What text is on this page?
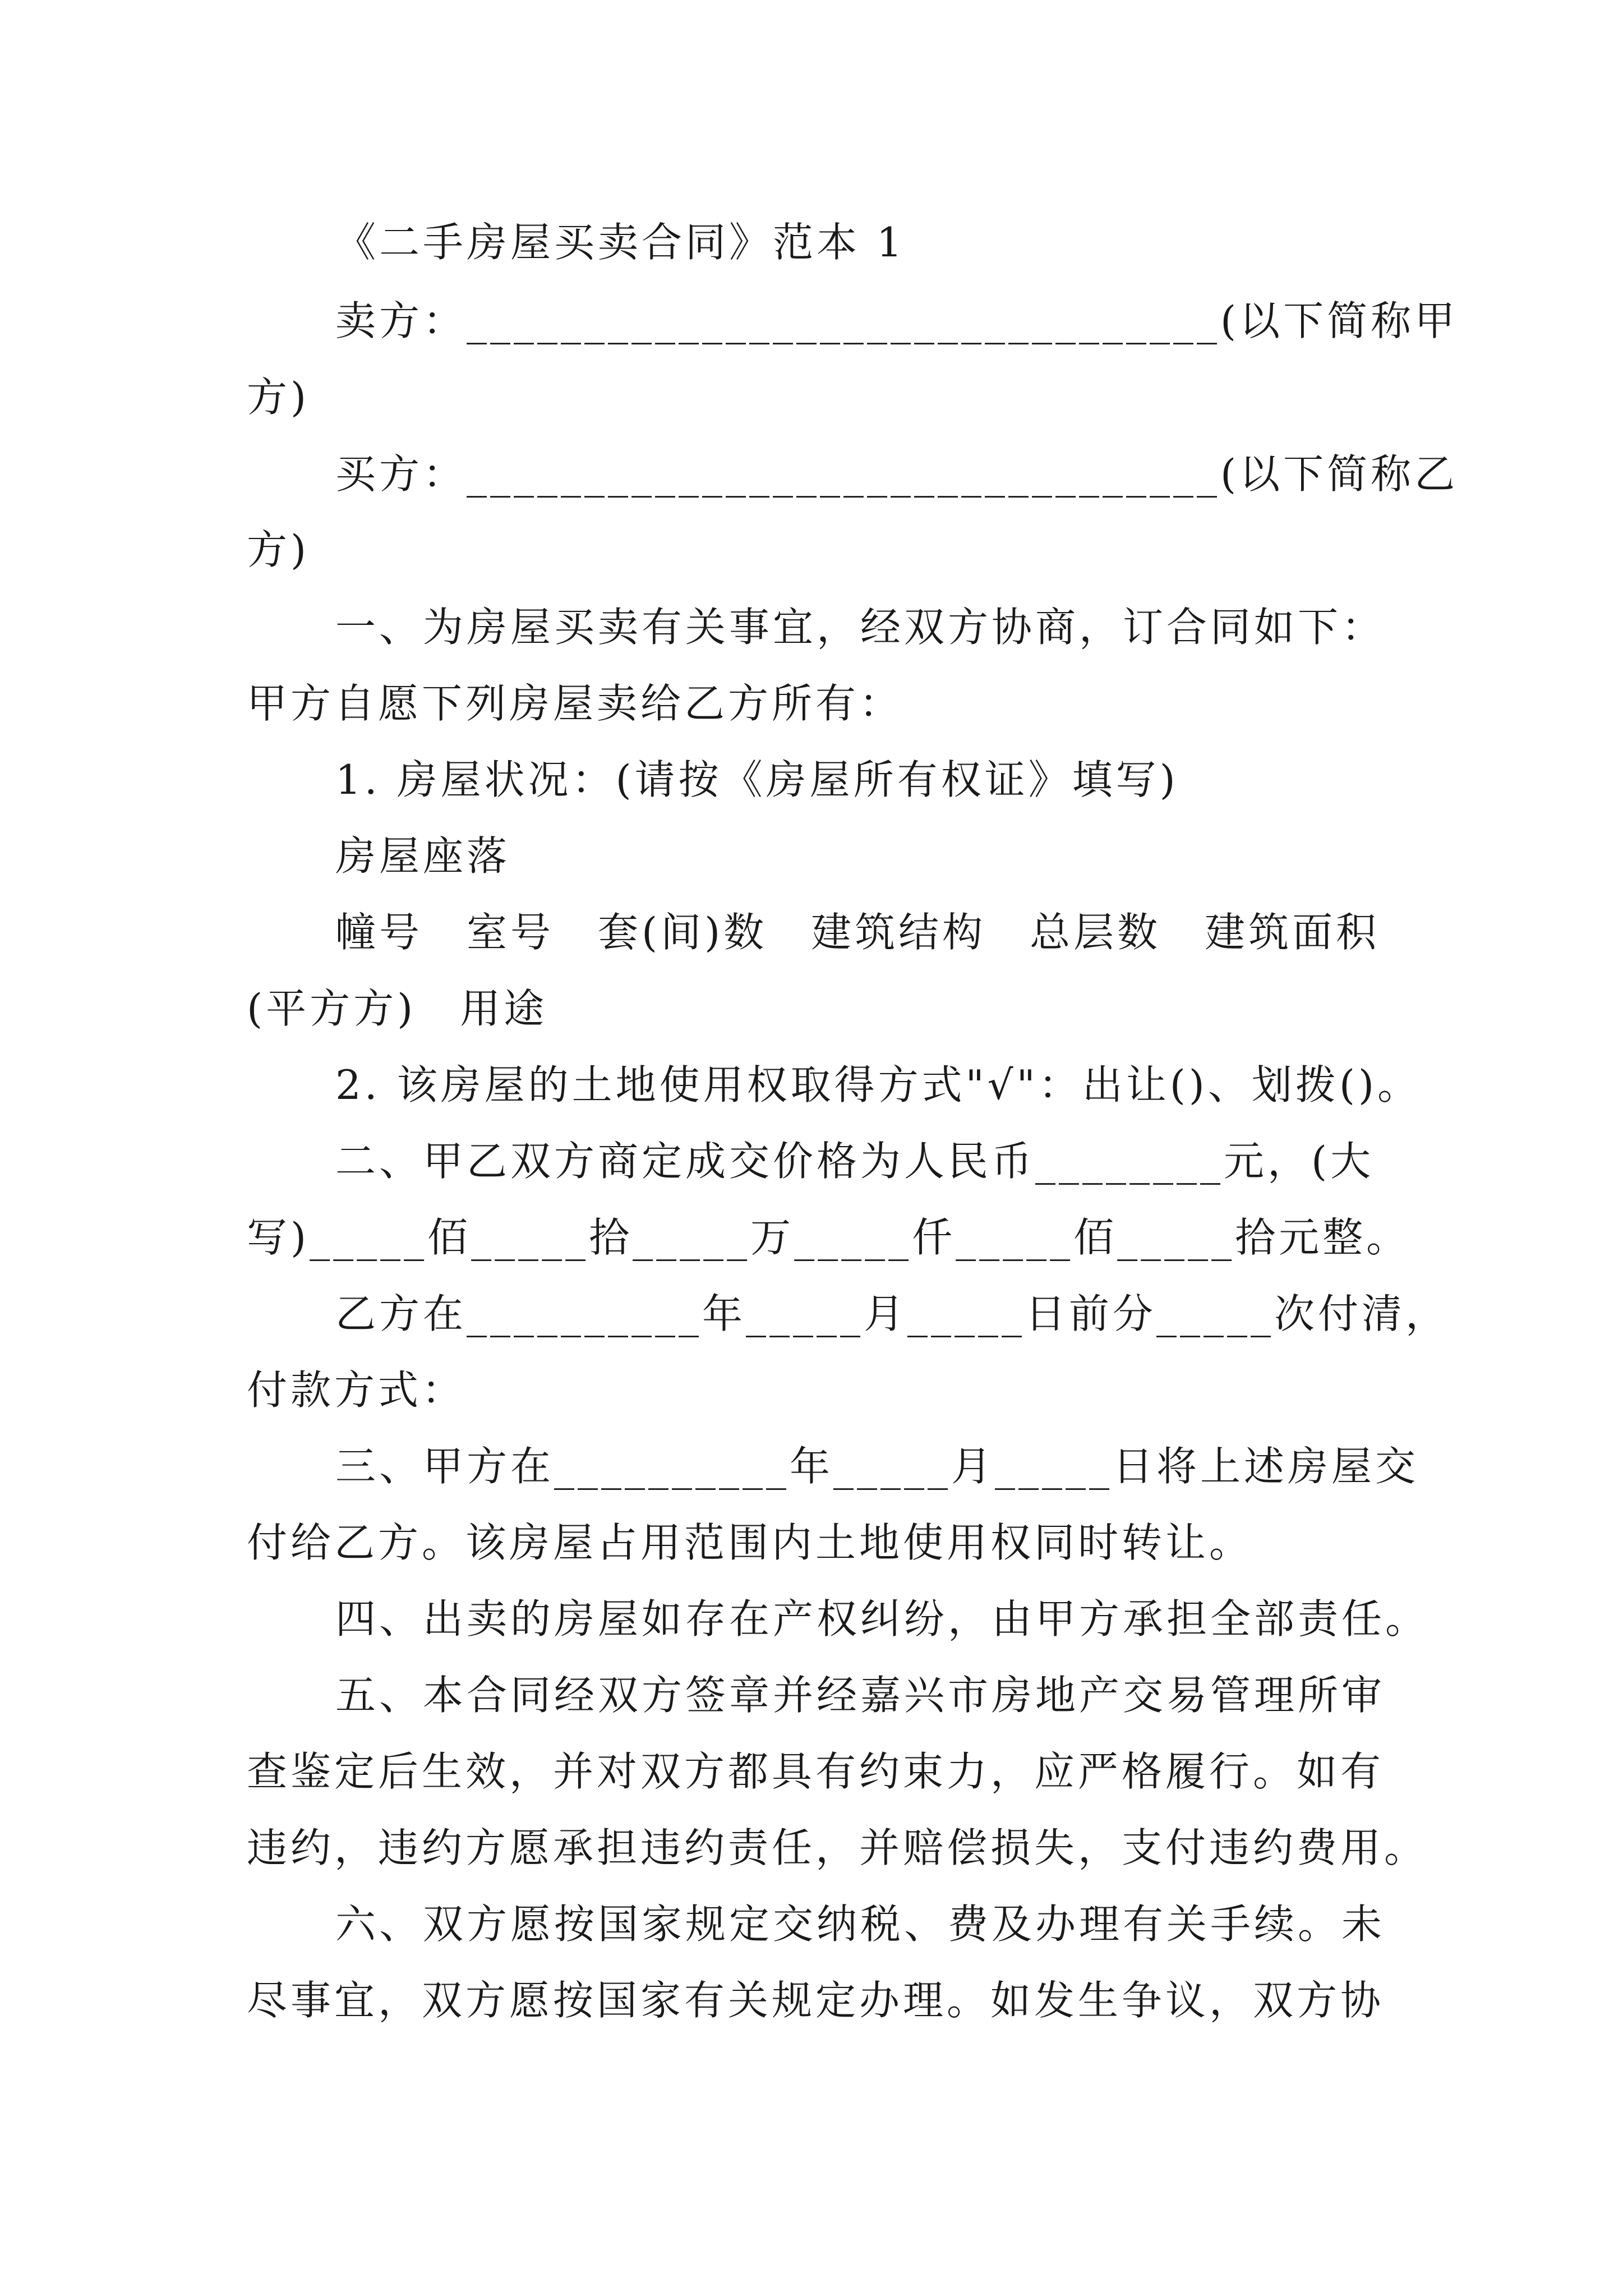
《二手房屋买卖合同》范本 1
卖方：________________________________(以下简称甲
方)
买方：________________________________(以下简称乙
方)
一、为房屋买卖有关事宜，经双方协商，订合同如下：
甲方自愿下列房屋卖给乙方所有：
1. 房屋状况：(请按《房屋所有权证》填写)
房屋座落
幢号　室号　套(间)数　建筑结构　总层数　建筑面积
(平方方)　用途
2. 该房屋的土地使用权取得方式"√"：出让()、划拨()。
二、甲乙双方商定成交价格为人民币________元，(大
写)_____佰_____拾_____万_____仟_____佰_____拾元整。
乙方在__________年_____月_____日前分_____次付清，
付款方式：
三、甲方在__________年_____月_____日将上述房屋交
付给乙方。该房屋占用范围内土地使用权同时转让。
四、出卖的房屋如存在产权纠纷，由甲方承担全部责任。
五、本合同经双方签章并经嘉兴市房地产交易管理所审
查鉴定后生效，并对双方都具有约束力，应严格履行。如有
违约，违约方愿承担违约责任，并赔偿损失，支付违约费用。
六、双方愿按国家规定交纳税、费及办理有关手续。未
尽事宜，双方愿按国家有关规定办理。如发生争议，双方协
